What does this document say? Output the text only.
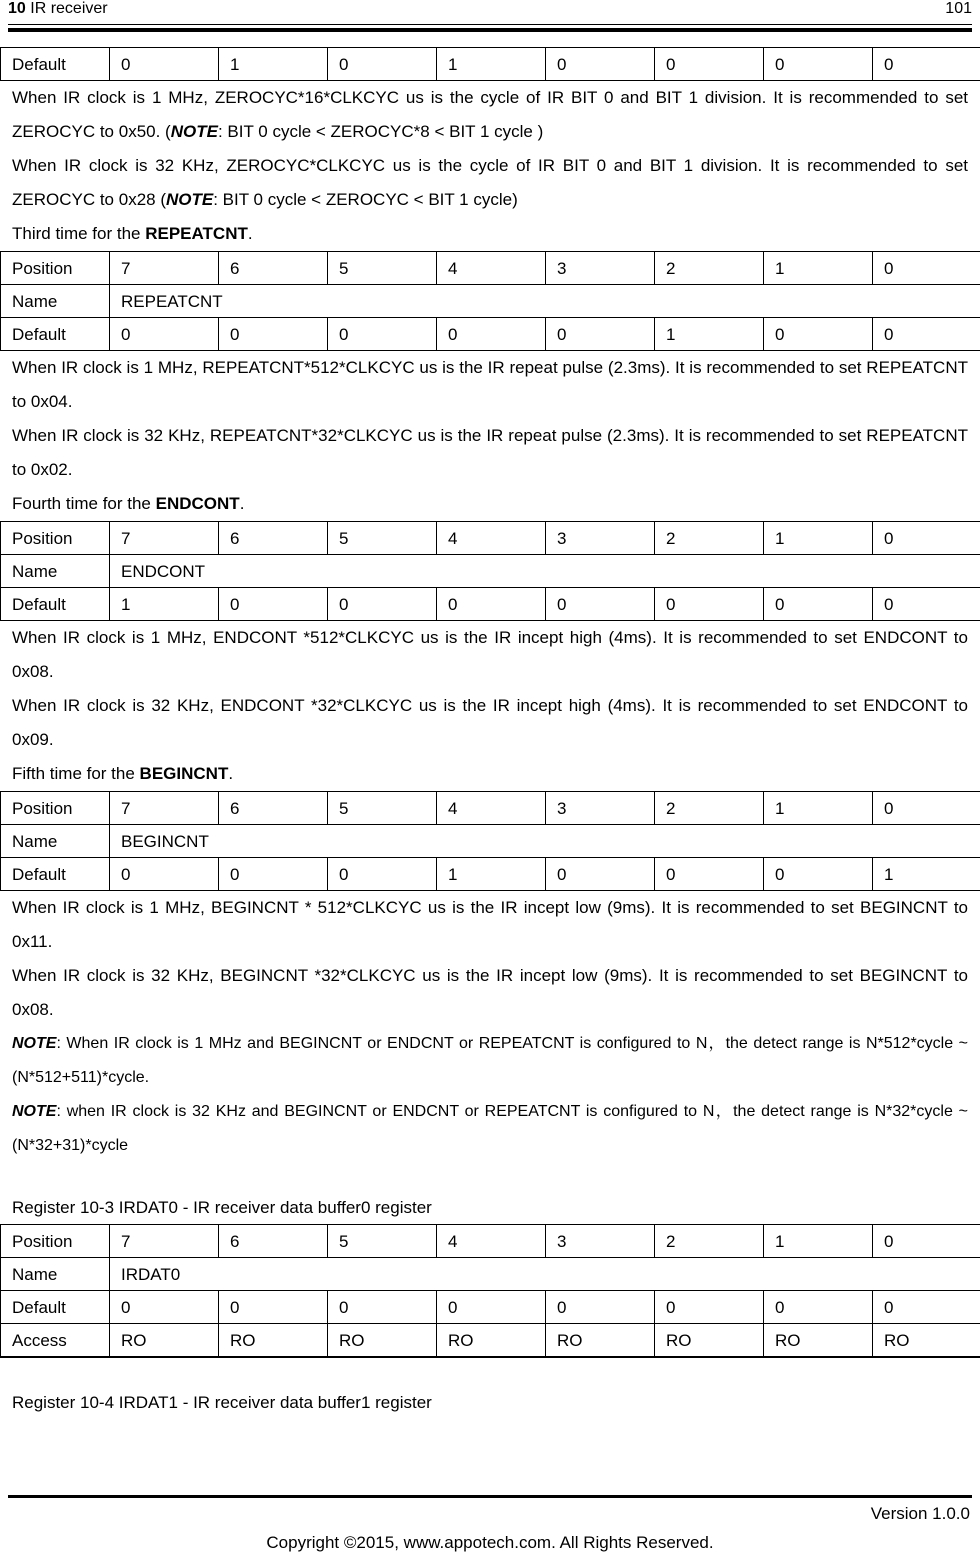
10 IR receiver	101
Default	0	1	0	1	0	0	0	0

When IR clock is 1 MHz, ZEROCYC*16*CLKCYC us is the cycle of IR BIT 0 and BIT 1 division. It is recommended to set ZEROCYC to 0x50. (NOTE: BIT 0 cycle < ZEROCYC*8 < BIT 1 cycle )

When IR clock is 32 KHz, ZEROCYC*CLKCYC us is the cycle of IR BIT 0 and BIT 1 division. It is recommended to set ZEROCYC to 0x28 (NOTE: BIT 0 cycle < ZEROCYC < BIT 1 cycle)

Third time for the REPEATCNT.

Position	7	6	5	4	3	2	1	0
Name	REPEATCNT							
Default	0	0	0	0	0	1	0	0

When IR clock is 1 MHz, REPEATCNT*512*CLKCYC us is the IR repeat pulse (2.3ms). It is recommended to set REPEATCNT to 0x04.

When IR clock is 32 KHz, REPEATCNT*32*CLKCYC us is the IR repeat pulse (2.3ms). It is recommended to set REPEATCNT to 0x02.

Fourth time for the ENDCONT.

Position	7	6	5	4	3	2	1	0
Name	ENDCONT							
Default	1	0	0	0	0	0	0	0

When IR clock is 1 MHz, ENDCONT *512*CLKCYC us is the IR incept high (4ms). It is recommended to set ENDCONT to 0x08.

When IR clock is 32 KHz, ENDCONT *32*CLKCYC us is the IR incept high (4ms). It is recommended to set ENDCONT to 0x09.

Fifth time for the BEGINCNT.

Position	7	6	5	4	3	2	1	0
Name	BEGINCNT							
Default	0	0	0	1	0	0	0	1

When IR clock is 1 MHz, BEGINCNT * 512*CLKCYC us is the IR incept low (9ms). It is recommended to set BEGINCNT to 0x11.

When IR clock is 32 KHz, BEGINCNT *32*CLKCYC us is the IR incept low (9ms). It is recommended to set BEGINCNT to 0x08.

NOTE: When IR clock is 1 MHz and BEGINCNT or ENDCNT or REPEATCNT is configured to N，the detect range is N*512*cycle ~ (N*512+511)*cycle.

NOTE: when IR clock is 32 KHz and BEGINCNT or ENDCNT or REPEATCNT is configured to N，the detect range is N*32*cycle ~ (N*32+31)*cycle

Register 10-3 IRDAT0 - IR receiver data buffer0 register

Position	7	6	5	4	3	2	1	0
Name	IRDAT0							
Default	0	0	0	0	0	0	0	0
Access	RO	RO	RO	RO	RO	RO	RO	RO

Register 10-4 IRDAT1 - IR receiver data buffer1 register

Version 1.0.0
Copyright ©2015, www.appotech.com. All Rights Reserved.
